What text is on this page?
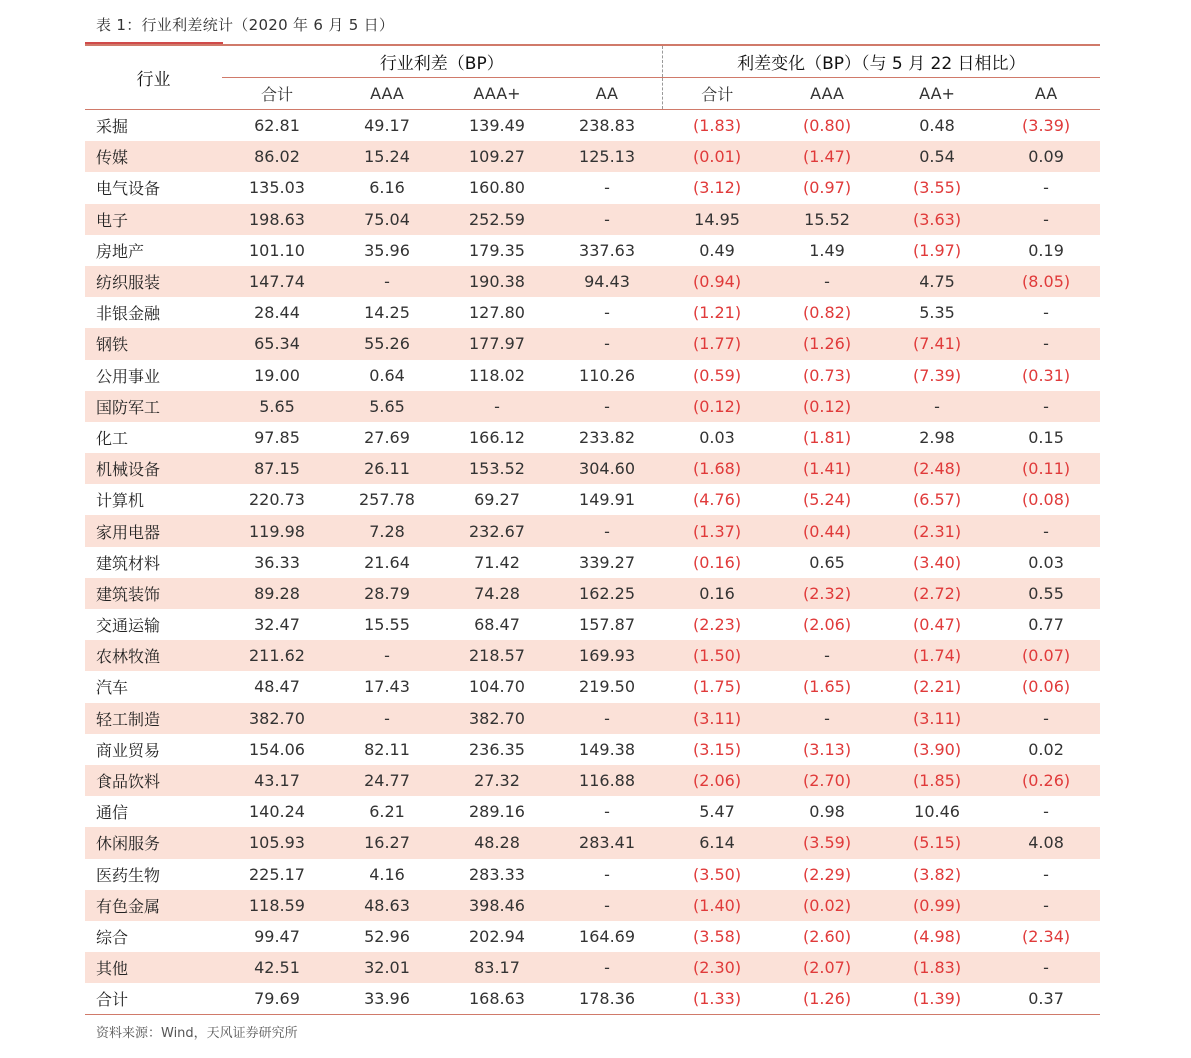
表 1：行业利差统计（2020 年 6 月 5 日）
行业	行业利差（BP）				利差变化（BP）（与 5 月 22 日相比）			
	合计	AAA	AAA+	AA	合计	AAA	AA+	AA
采掘	62.81	49.17	139.49	238.83	(1.83)	(0.80)	0.48	(3.39)
传媒	86.02	15.24	109.27	125.13	(0.01)	(1.47)	0.54	0.09
电气设备	135.03	6.16	160.80	-	(3.12)	(0.97)	(3.55)	-
电子	198.63	75.04	252.59	-	14.95	15.52	(3.63)	-
房地产	101.10	35.96	179.35	337.63	0.49	1.49	(1.97)	0.19
纺织服装	147.74	-	190.38	94.43	(0.94)	-	4.75	(8.05)
非银金融	28.44	14.25	127.80	-	(1.21)	(0.82)	5.35	-
钢铁	65.34	55.26	177.97	-	(1.77)	(1.26)	(7.41)	-
公用事业	19.00	0.64	118.02	110.26	(0.59)	(0.73)	(7.39)	(0.31)
国防军工	5.65	5.65	-	-	(0.12)	(0.12)	-	-
化工	97.85	27.69	166.12	233.82	0.03	(1.81)	2.98	0.15
机械设备	87.15	26.11	153.52	304.60	(1.68)	(1.41)	(2.48)	(0.11)
计算机	220.73	257.78	69.27	149.91	(4.76)	(5.24)	(6.57)	(0.08)
家用电器	119.98	7.28	232.67	-	(1.37)	(0.44)	(2.31)	-
建筑材料	36.33	21.64	71.42	339.27	(0.16)	0.65	(3.40)	0.03
建筑装饰	89.28	28.79	74.28	162.25	0.16	(2.32)	(2.72)	0.55
交通运输	32.47	15.55	68.47	157.87	(2.23)	(2.06)	(0.47)	0.77
农林牧渔	211.62	-	218.57	169.93	(1.50)	-	(1.74)	(0.07)
汽车	48.47	17.43	104.70	219.50	(1.75)	(1.65)	(2.21)	(0.06)
轻工制造	382.70	-	382.70	-	(3.11)	-	(3.11)	-
商业贸易	154.06	82.11	236.35	149.38	(3.15)	(3.13)	(3.90)	0.02
食品饮料	43.17	24.77	27.32	116.88	(2.06)	(2.70)	(1.85)	(0.26)
通信	140.24	6.21	289.16	-	5.47	0.98	10.46	-
休闲服务	105.93	16.27	48.28	283.41	6.14	(3.59)	(5.15)	4.08
医药生物	225.17	4.16	283.33	-	(3.50)	(2.29)	(3.82)	-
有色金属	118.59	48.63	398.46	-	(1.40)	(0.02)	(0.99)	-
综合	99.47	52.96	202.94	164.69	(3.58)	(2.60)	(4.98)	(2.34)
其他	42.51	32.01	83.17	-	(2.30)	(2.07)	(1.83)	-
合计	79.69	33.96	168.63	178.36	(1.33)	(1.26)	(1.39)	0.37
资料来源：Wind，天风证券研究所
